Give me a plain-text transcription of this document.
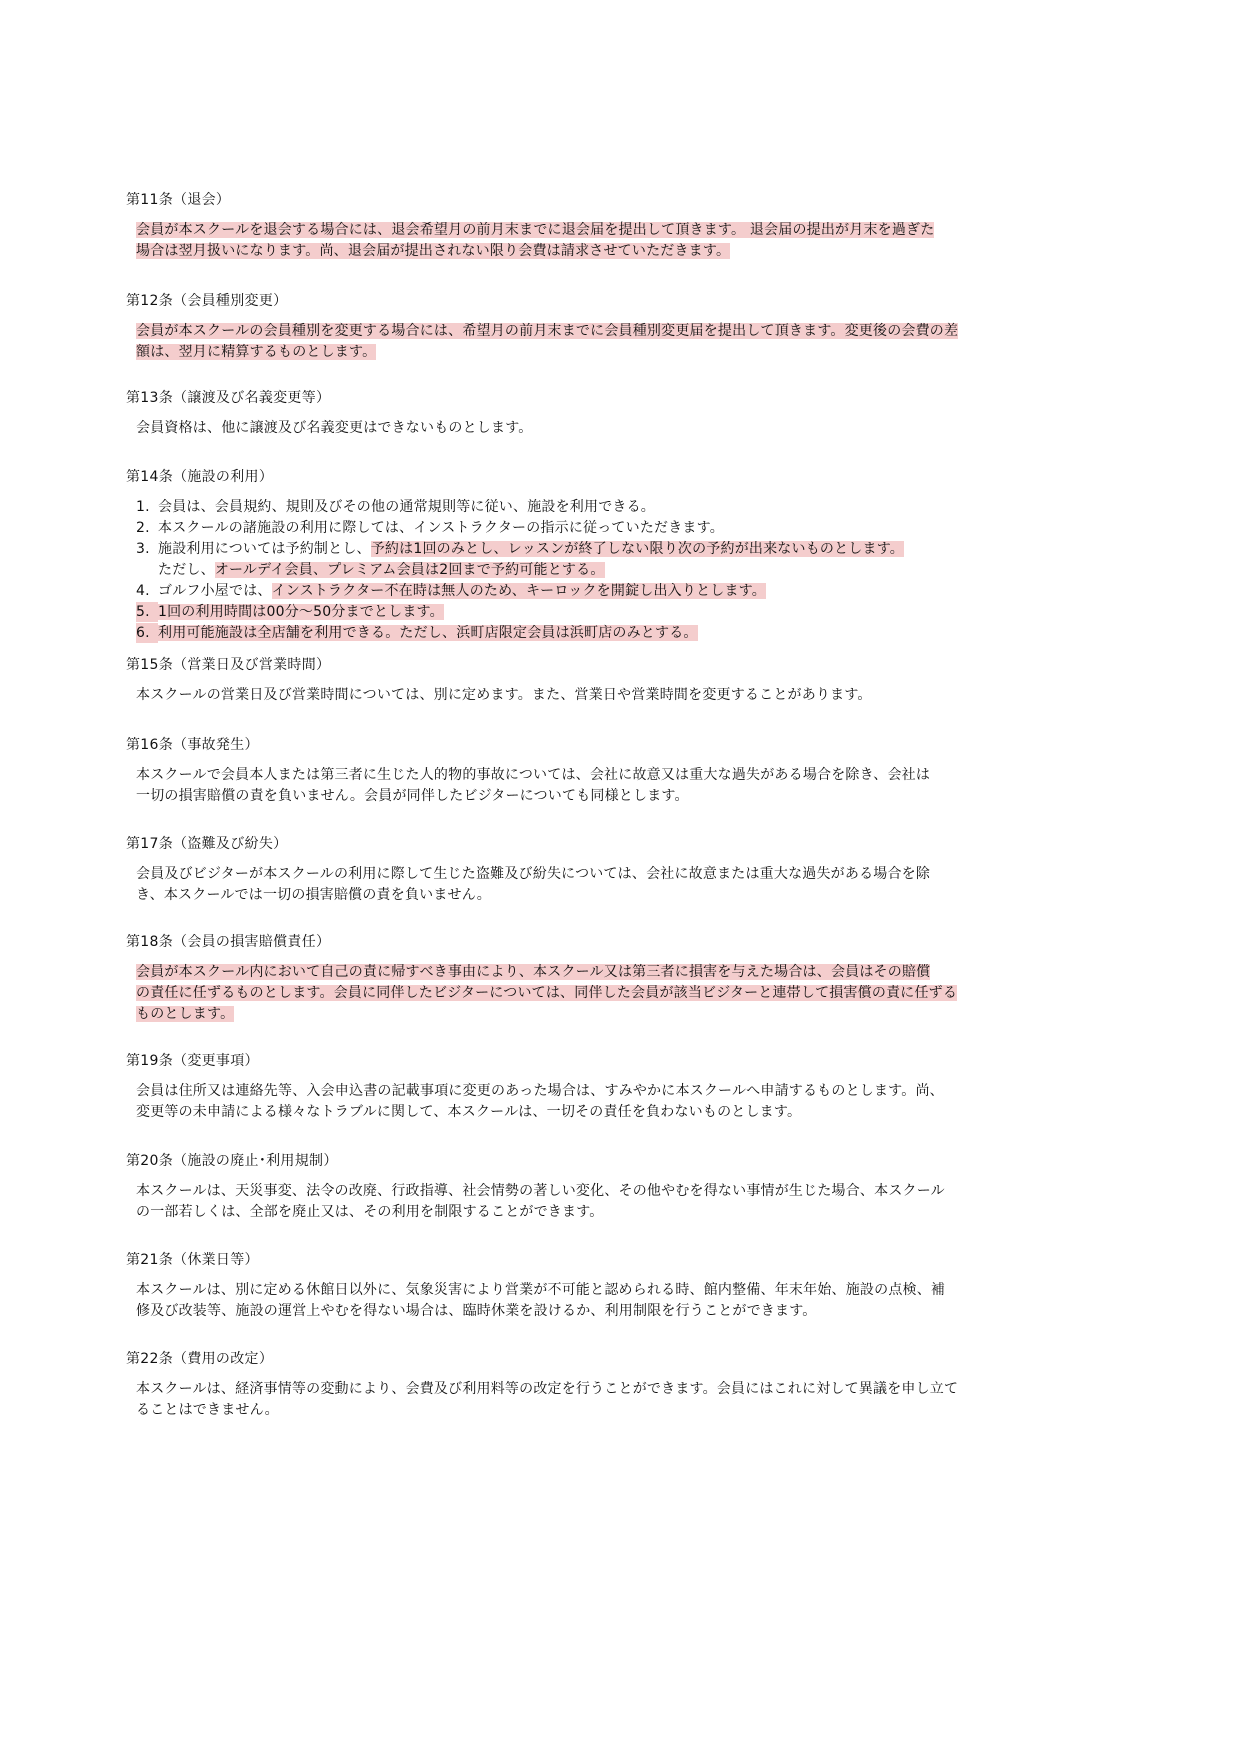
第11条（退会）
会員が本スクールを退会する場合には、退会希望月の前月末までに退会届を提出して頂きます。 退会届の提出が月末を過ぎた
場合は翌月扱いになります。尚、退会届が提出されない限り会費は請求させていただきます。
第12条（会員種別変更）
会員が本スクールの会員種別を変更する場合には、希望月の前月末までに会員種別変更届を提出して頂きます。変更後の会費の差
額は、翌月に精算するものとします。
第13条（譲渡及び名義変更等）
会員資格は、他に譲渡及び名義変更はできないものとします。
第14条（施設の利用）
1. 会員は、会員規約、規則及びその他の通常規則等に従い、施設を利用できる。
2. 本スクールの諸施設の利用に際しては、インストラクターの指示に従っていただきます。
3. 施設利用については予約制とし、予約は1回のみとし、レッスンが終了しない限り次の予約が出来ないものとします。
ただし、オールデイ会員、プレミアム会員は2回まで予約可能とする。
4. ゴルフ小屋では、インストラクター不在時は無人のため、キーロックを開錠し出入りとします。
5. 1回の利用時間は00分～50分までとします。
6. 利用可能施設は全店舗を利用できる。ただし、浜町店限定会員は浜町店のみとする。
第15条（営業日及び営業時間）
本スクールの営業日及び営業時間については、別に定めます。また、営業日や営業時間を変更することがあります。
第16条（事故発生）
本スクールで会員本人または第三者に生じた人的物的事故については、会社に故意又は重大な過失がある場合を除き、会社は
一切の損害賠償の責を負いません。会員が同伴したビジターについても同様とします。
第17条（盗難及び紛失）
会員及びビジターが本スクールの利用に際して生じた盗難及び紛失については、会社に故意または重大な過失がある場合を除
き、本スクールでは一切の損害賠償の責を負いません。
第18条（会員の損害賠償責任）
会員が本スクール内において自己の責に帰すべき事由により、本スクール又は第三者に損害を与えた場合は、会員はその賠償
の責任に任ずるものとします。会員に同伴したビジターについては、同伴した会員が該当ビジターと連帯して損害償の責に任ずる
ものとします。
第19条（変更事項）
会員は住所又は連絡先等、入会申込書の記載事項に変更のあった場合は、すみやかに本スクールへ申請するものとします。尚、
変更等の未申請による様々なトラブルに関して、本スクールは、一切その責任を負わないものとします。
第20条（施設の廃止･利用規制）
本スクールは、天災事変、法令の改廃、行政指導、社会情勢の著しい変化、その他やむを得ない事情が生じた場合、本スクール
の一部若しくは、全部を廃止又は、その利用を制限することができます。
第21条（休業日等）
本スクールは、別に定める休館日以外に、気象災害により営業が不可能と認められる時、館内整備、年末年始、施設の点検、補
修及び改装等、施設の運営上やむを得ない場合は、臨時休業を設けるか、利用制限を行うことができます。
第22条（費用の改定）
本スクールは、経済事情等の変動により、会費及び利用料等の改定を行うことができます。会員にはこれに対して異議を申し立て
ることはできません。
